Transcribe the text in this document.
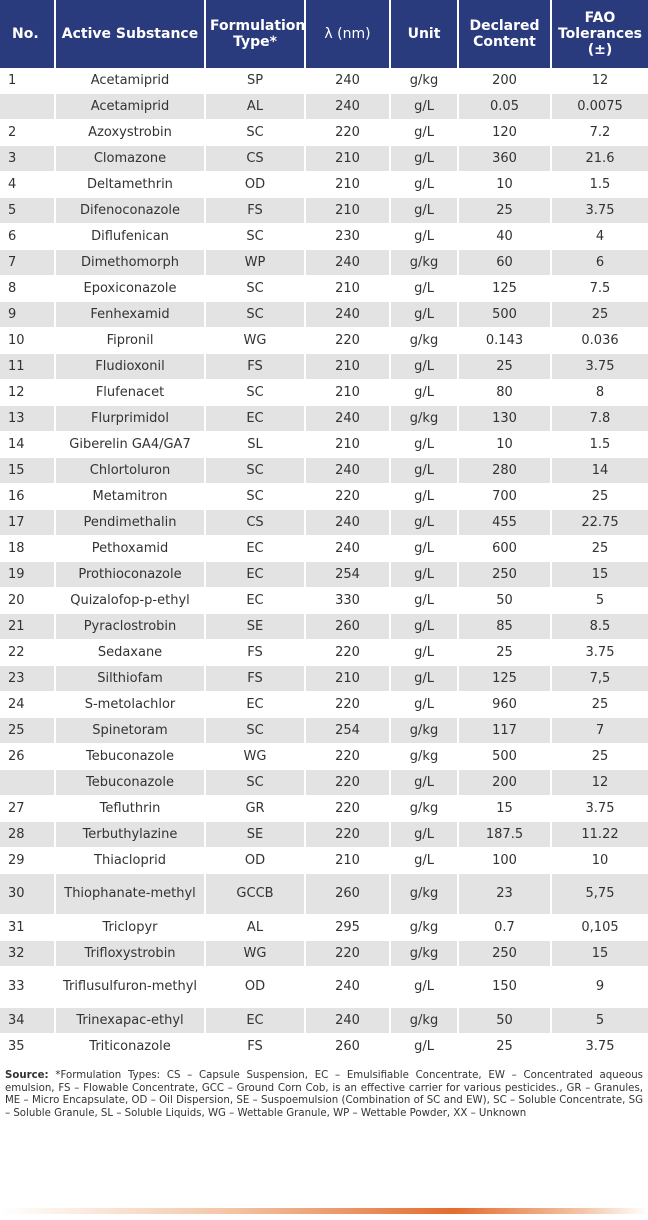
No.	Active Substance	Formulation Type*	λ (nm)	Unit	Declared Content	FAO Tolerances (±)
1	Acetamiprid	SP	240	g/kg	200	12
	Acetamiprid	AL	240	g/L	0.05	0.0075
2	Azoxystrobin	SC	220	g/L	120	7.2
3	Clomazone	CS	210	g/L	360	21.6
4	Deltamethrin	OD	210	g/L	10	1.5
5	Difenoconazole	FS	210	g/L	25	3.75
6	Diflufenican	SC	230	g/L	40	4
7	Dimethomorph	WP	240	g/kg	60	6
8	Epoxiconazole	SC	210	g/L	125	7.5
9	Fenhexamid	SC	240	g/L	500	25
10	Fipronil	WG	220	g/kg	0.143	0.036
11	Fludioxonil	FS	210	g/L	25	3.75
12	Flufenacet	SC	210	g/L	80	8
13	Flurprimidol	EC	240	g/kg	130	7.8
14	Giberelin GA4/GA7	SL	210	g/L	10	1.5
15	Chlortoluron	SC	240	g/L	280	14
16	Metamitron	SC	220	g/L	700	25
17	Pendimethalin	CS	240	g/L	455	22.75
18	Pethoxamid	EC	240	g/L	600	25
19	Prothioconazole	EC	254	g/L	250	15
20	Quizalofop-p-ethyl	EC	330	g/L	50	5
21	Pyraclostrobin	SE	260	g/L	85	8.5
22	Sedaxane	FS	220	g/L	25	3.75
23	Silthiofam	FS	210	g/L	125	7,5
24	S-metolachlor	EC	220	g/L	960	25
25	Spinetoram	SC	254	g/kg	117	7
26	Tebuconazole	WG	220	g/kg	500	25
	Tebuconazole	SC	220	g/L	200	12
27	Tefluthrin	GR	220	g/kg	15	3.75
28	Terbuthylazine	SE	220	g/L	187.5	11.22
29	Thiacloprid	OD	210	g/L	100	10
30	Thiophanate-methyl	GCCB	260	g/kg	23	5,75
31	Triclopyr	AL	295	g/kg	0.7	0,105
32	Trifloxystrobin	WG	220	g/kg	250	15
33	Triflusulfuron-methyl	OD	240	g/L	150	9
34	Trinexapac-ethyl	EC	240	g/kg	50	5
35	Triticonazole	FS	260	g/L	25	3.75
Source: *Formulation Types: CS – Capsule Suspension, EC – Emulsifiable Concentrate, EW – Concentrated aqueous emulsion, FS – Flowable Concentrate, GCC – Ground Corn Cob, is an effective carrier for various pesticides., GR – Granules, ME – Micro Encapsulate, OD – Oil Dispersion, SE – Suspoemulsion (Combination of SC and EW), SC – Soluble Concentrate, SG – Soluble Granule, SL – Soluble Liquids, WG – Wettable Granule, WP – Wettable Powder, XX – Unknown
